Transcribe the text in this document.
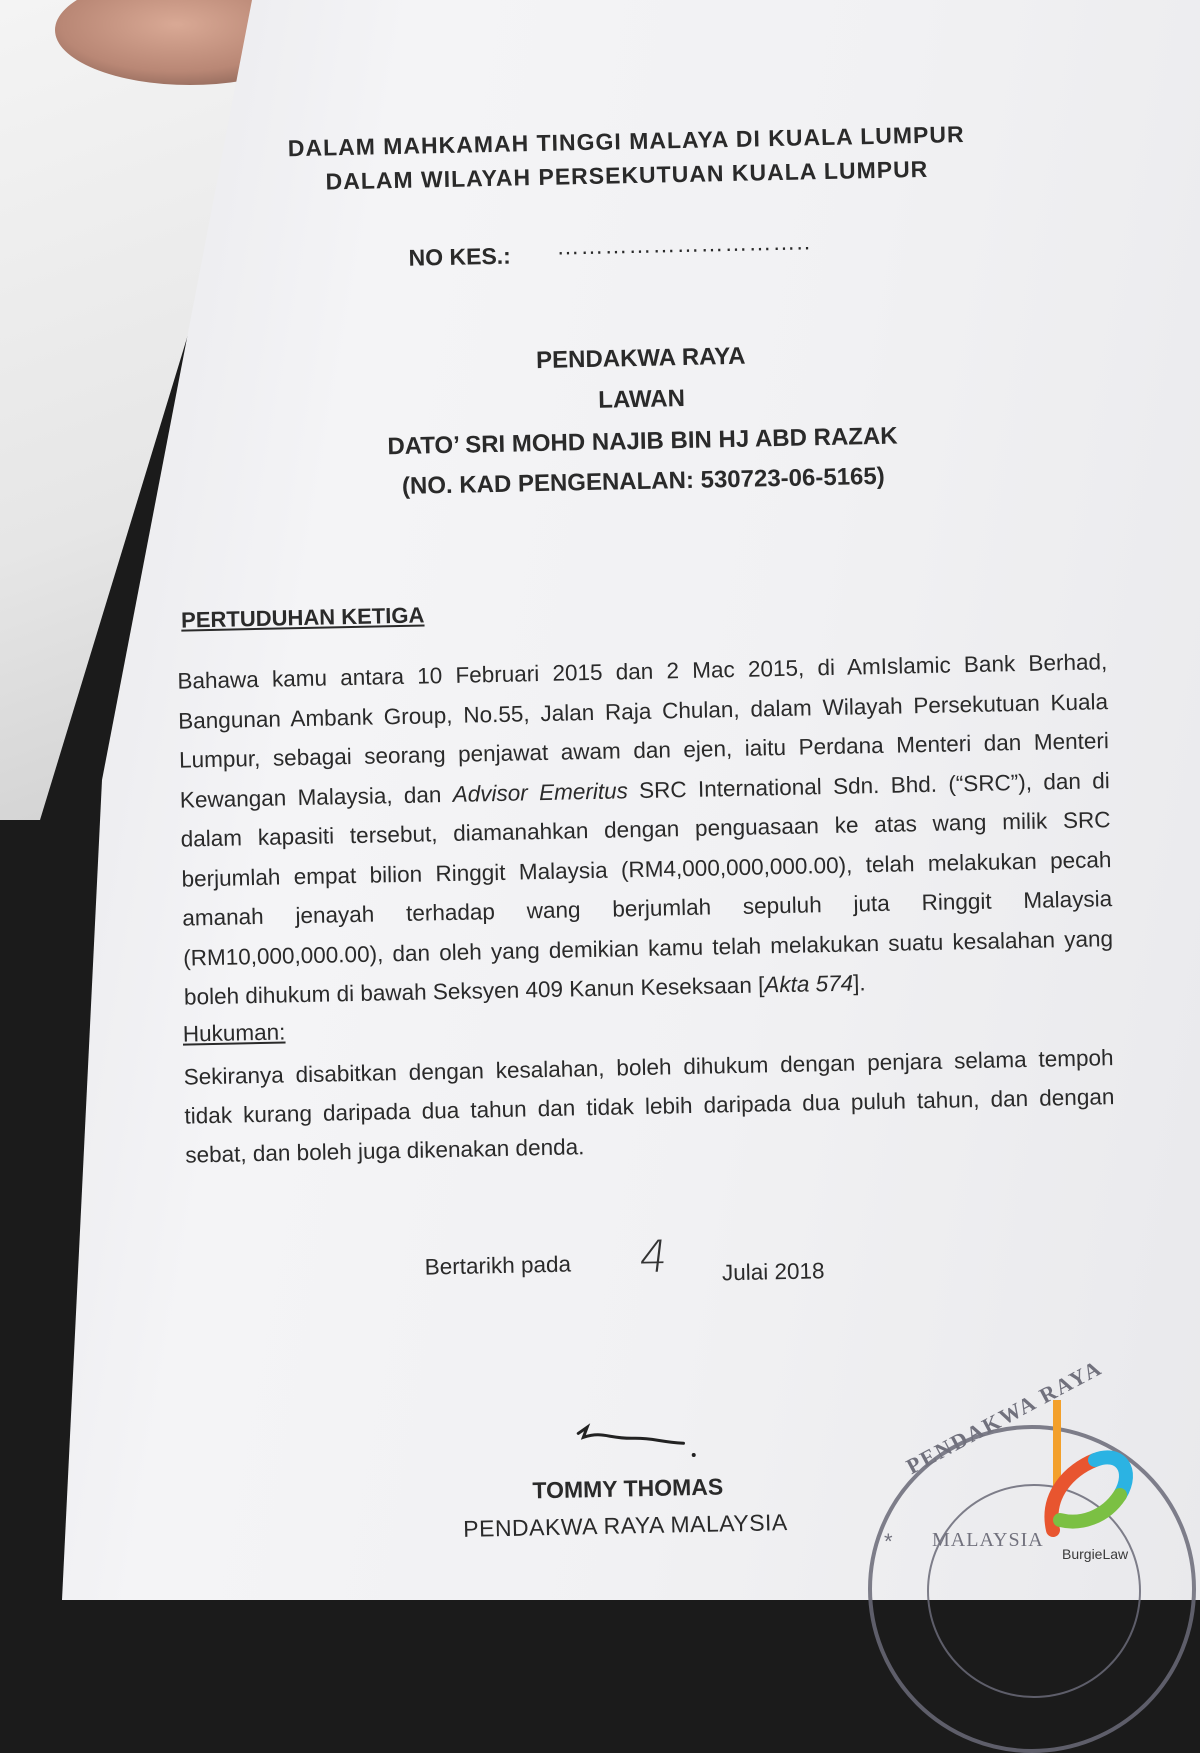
DALAM MAHKAMAH TINGGI MALAYA DI KUALA LUMPUR
DALAM WILAYAH PERSEKUTUAN KUALA LUMPUR
NO KES.: …………………………..
PENDAKWA RAYA
LAWAN
DATO’ SRI MOHD NAJIB BIN HJ ABD RAZAK
(NO. KAD PENGENALAN: 530723-06-5165)
PERTUDUHAN KETIGA
Bahawa kamu antara 10 Februari 2015 dan 2 Mac 2015, di AmIslamic Bank Berhad, Bangunan Ambank Group, No.55, Jalan Raja Chulan, dalam Wilayah Persekutuan Kuala Lumpur, sebagai seorang penjawat awam dan ejen, iaitu Perdana Menteri dan Menteri Kewangan Malaysia, dan Advisor Emeritus SRC International Sdn. Bhd. (“SRC”), dan di dalam kapasiti tersebut, diamanahkan dengan penguasaan ke atas wang milik SRC berjumlah empat bilion Ringgit Malaysia (RM4,000,000,000.00), telah melakukan pecah amanah jenayah terhadap wang berjumlah sepuluh juta Ringgit Malaysia (RM10,000,000.00), dan oleh yang demikian kamu telah melakukan suatu kesalahan yang boleh dihukum di bawah Seksyen 409 Kanun Keseksaan [Akta 574].
Hukuman:
Sekiranya disabitkan dengan kesalahan, boleh dihukum dengan penjara selama tempoh tidak kurang daripada dua tahun dan tidak lebih daripada dua puluh tahun, dan dengan sebat, dan boleh juga dikenakan denda.
Bertarikh pada 4 Julai 2018
TOMMY THOMAS
PENDAKWA RAYA MALAYSIA
PENDAKWA RAYA
* MALAYSIA
BurgieLaw
